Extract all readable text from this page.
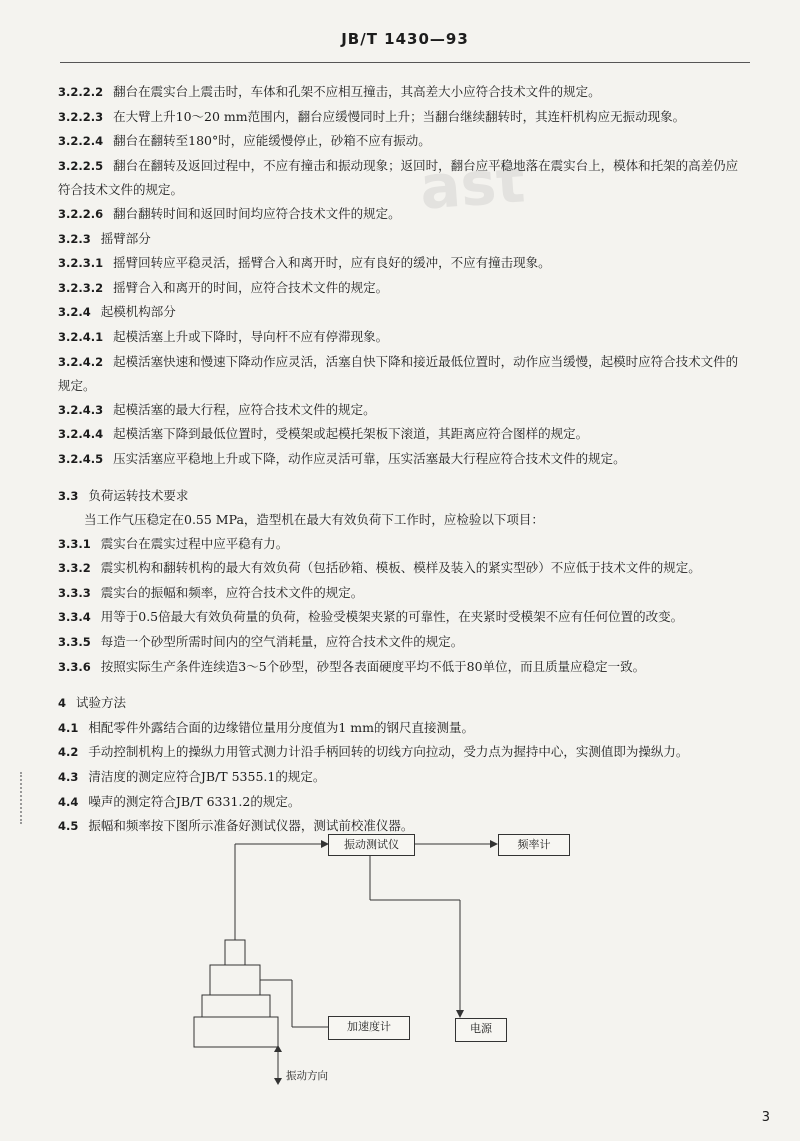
JB/T 1430—93
ast

3.2.2.2 翻台在震实台上震击时，车体和孔架不应相互撞击，其高差大小应符合技术文件的规定。

3.2.2.3 在大臂上升10～20 mm范围内，翻台应缓慢同时上升；当翻台继续翻转时，其连杆机构应无振动现象。

3.2.2.4 翻台在翻转至180°时，应能缓慢停止，砂箱不应有振动。

3.2.2.5 翻台在翻转及返回过程中，不应有撞击和振动现象；返回时，翻台应平稳地落在震实台上，模体和托架的高差仍应符合技术文件的规定。

3.2.2.6 翻台翻转时间和返回时间均应符合技术文件的规定。

3.2.3 摇臂部分

3.2.3.1 摇臂回转应平稳灵活，摇臂合入和离开时，应有良好的缓冲，不应有撞击现象。

3.2.3.2 摇臂合入和离开的时间，应符合技术文件的规定。

3.2.4 起模机构部分

3.2.4.1 起模活塞上升或下降时，导向杆不应有停滞现象。

3.2.4.2 起模活塞快速和慢速下降动作应灵活，活塞自快下降和接近最低位置时，动作应当缓慢，起模时应符合技术文件的规定。

3.2.4.3 起模活塞的最大行程，应符合技术文件的规定。

3.2.4.4 起模活塞下降到最低位置时，受模架或起模托架板下滚道，其距离应符合图样的规定。

3.2.4.5 压实活塞应平稳地上升或下降，动作应灵活可靠，压实活塞最大行程应符合技术文件的规定。

3.3 负荷运转技术要求

当工作气压稳定在0.55 MPa，造型机在最大有效负荷下工作时，应检验以下项目：

3.3.1 震实台在震实过程中应平稳有力。

3.3.2 震实机构和翻转机构的最大有效负荷（包括砂箱、模板、模样及装入的紧实型砂）不应低于技术文件的规定。

3.3.3 震实台的振幅和频率，应符合技术文件的规定。

3.3.4 用等于0.5倍最大有效负荷量的负荷，检验受模架夹紧的可靠性，在夹紧时受模架不应有任何位置的改变。

3.3.5 每造一个砂型所需时间内的空气消耗量，应符合技术文件的规定。

3.3.6 按照实际生产条件连续造3～5个砂型，砂型各表面硬度平均不低于80单位，而且质量应稳定一致。

4 试验方法

4.1 相配零件外露结合面的边缘错位量用分度值为1 mm的钢尺直接测量。

4.2 手动控制机构上的操纵力用管式测力计沿手柄回转的切线方向拉动，受力点为握持中心，实测值即为操纵力。

4.3 清洁度的测定应符合JB/T 5355.1的规定。

4.4 噪声的测定符合JB/T 6331.2的规定。

4.5 振幅和频率按下图所示准备好测试仪器，测试前校准仪器。

振动测试仪	频率计
加速度计	电源
振动方向
3
